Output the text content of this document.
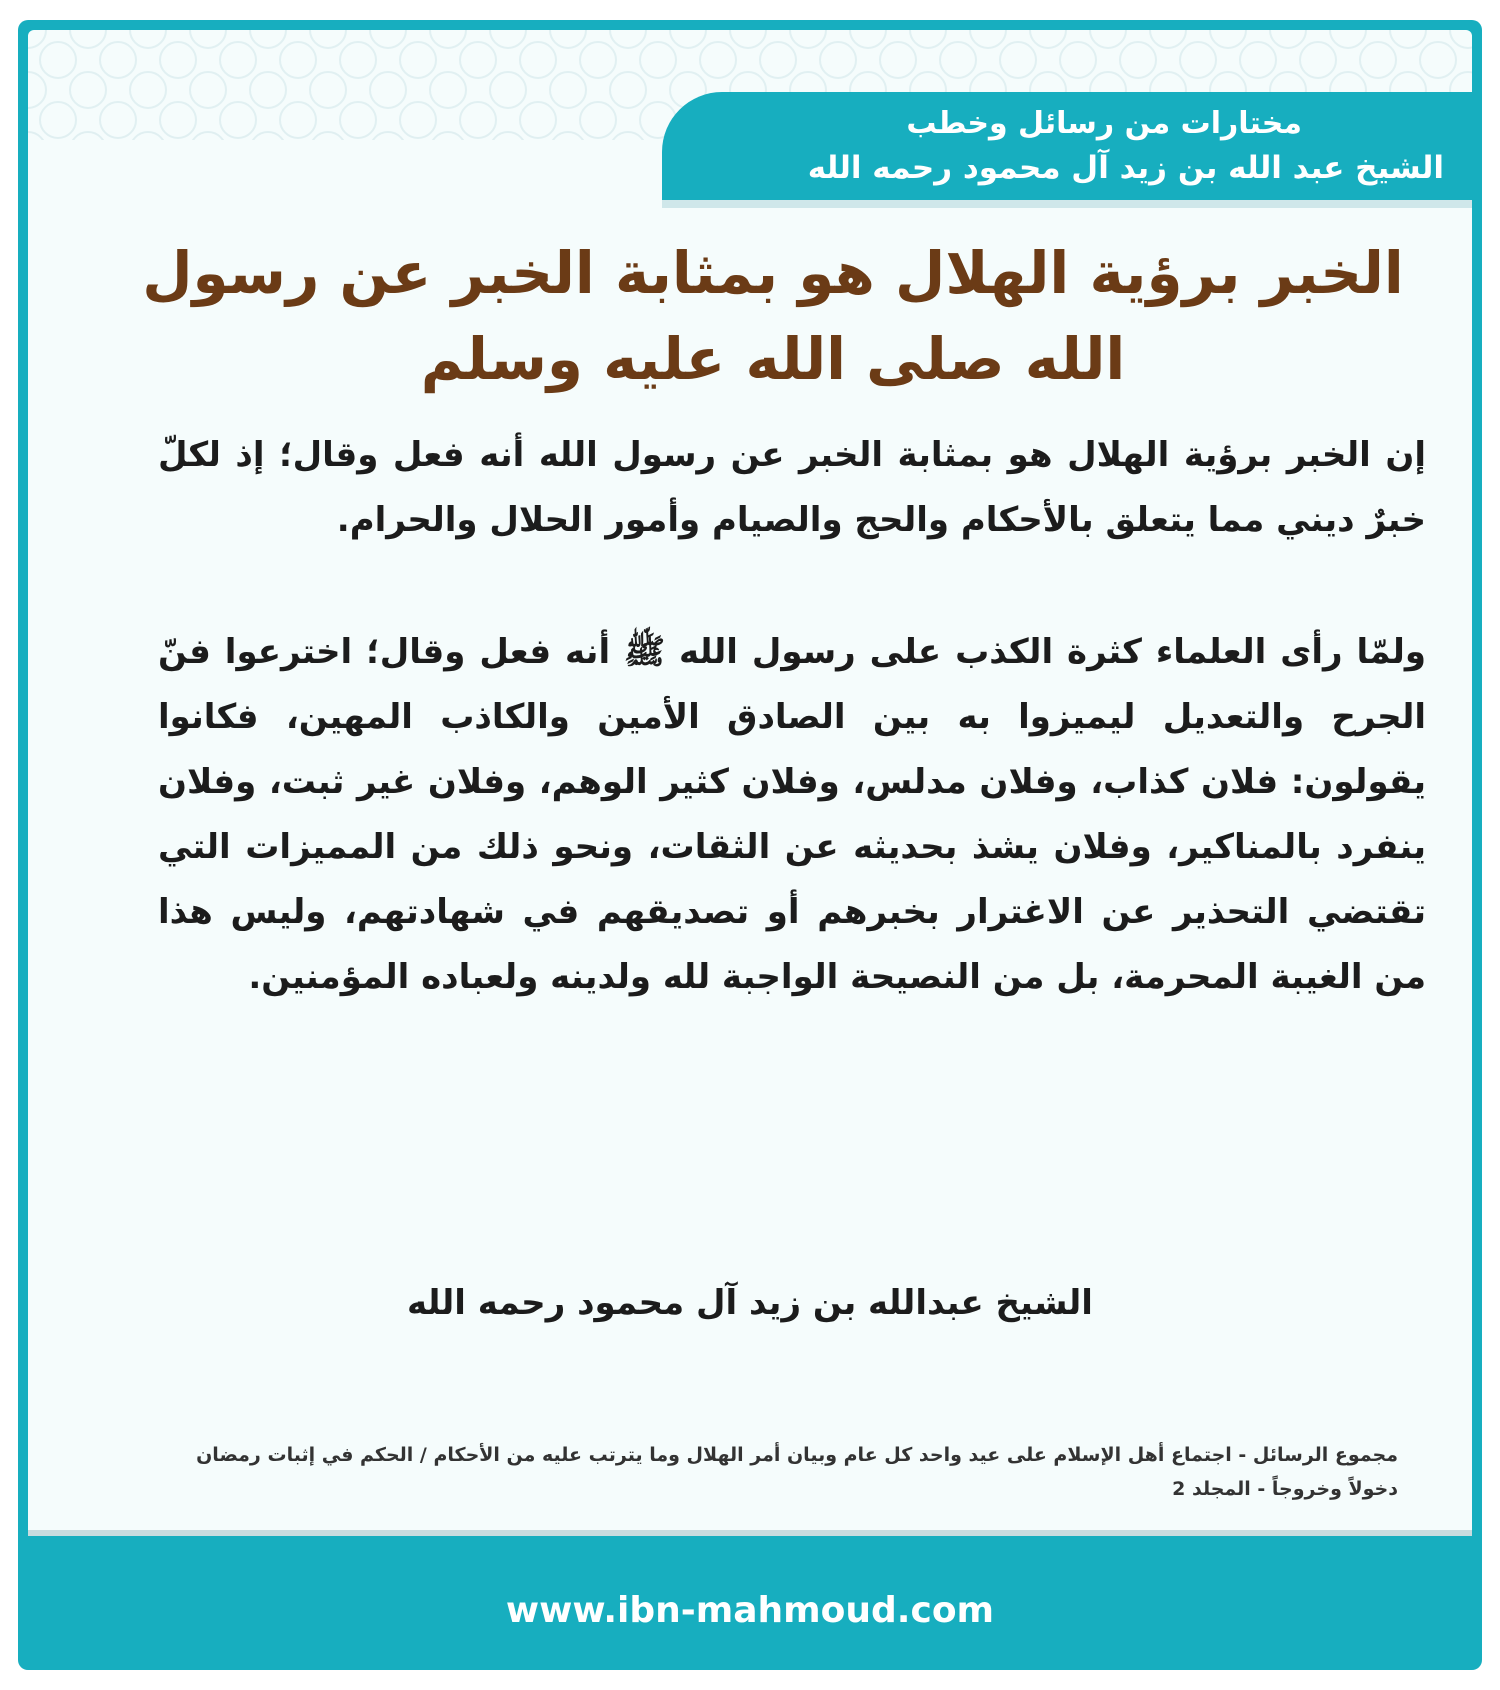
مختارات من رسائل وخطب
الشيخ عبد الله بن زيد آل محمود رحمه الله
الخبر برؤية الهلال هو بمثابة الخبر عن رسول الله صلى الله عليه وسلم

إن الخبر برؤية الهلال هو بمثابة الخبر عن رسول الله أنه فعل وقال؛ إذ لكلّ خبرٌ ديني مما يتعلق بالأحكام والحج والصيام وأمور الحلال والحرام.

ولمّا رأى العلماء كثرة الكذب على رسول الله ﷺ أنه فعل وقال؛ اخترعوا فنّ الجرح والتعديل ليميزوا به بين الصادق الأمين والكاذب المهين، فكانوا يقولون: فلان كذاب، وفلان مدلس، وفلان كثير الوهم، وفلان غير ثبت، وفلان ينفرد بالمناكير، وفلان يشذ بحديثه عن الثقات، ونحو ذلك من المميزات التي تقتضي التحذير عن الاغترار بخبرهم أو تصديقهم في شهادتهم، وليس هذا من الغيبة المحرمة، بل من النصيحة الواجبة لله ولدينه ولعباده المؤمنين.

الشيخ عبدالله بن زيد آل محمود رحمه الله
مجموع الرسائل - اجتماع أهل الإسلام على عيد واحد كل عام وبيان أمر الهلال وما يترتب عليه من الأحكام / الحكم في إثبات رمضان دخولاً وخروجاً - المجلد 2
www.ibn-mahmoud.com
